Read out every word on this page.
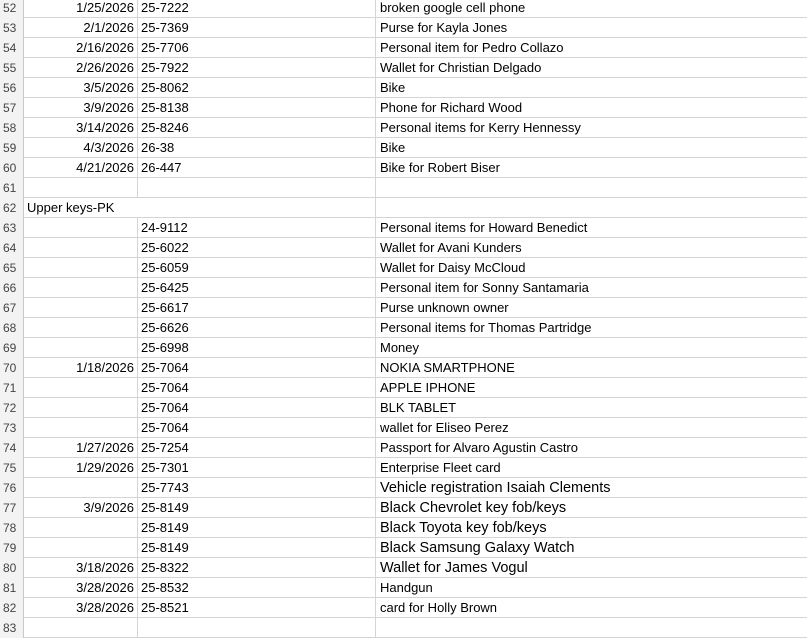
52	1/25/2026 25-7222	broken google cell phone
53	2/1/2026 25-7369	Purse for Kayla Jones
54	2/16/2026 25-7706	Personal item for Pedro Collazo
55	2/26/2026 25-7922	Wallet for Christian Delgado
56	3/5/2026 25-8062	Bike
57	3/9/2026 25-8138	Phone for Richard Wood
58	3/14/2026 25-8246	Personal items for Kerry Hennessy
59	4/3/2026 26-38	Bike
60	4/21/2026 26-447	Bike for Robert Biser
61
62 Upper keys-PK
63	24-9112	Personal items for Howard Benedict
64	25-6022	Wallet for Avani Kunders
65	25-6059	Wallet for Daisy McCloud
66	25-6425	Personal item for Sonny Santamaria
67	25-6617	Purse unknown owner
68	25-6626	Personal items for Thomas Partridge
69	25-6998	Money
70	1/18/2026 25-7064	NOKIA SMARTPHONE
71	25-7064	APPLE IPHONE
72	25-7064	BLK TABLET
73	25-7064	wallet for Eliseo Perez
74	1/27/2026 25-7254	Passport for Alvaro Agustin Castro
75	1/29/2026 25-7301	Enterprise Fleet card
76	25-7743	Vehicle registration Isaiah Clements
77	3/9/2026 25-8149	Black Chevrolet key fob/keys
78	25-8149	Black Toyota key fob/keys
79	25-8149	Black Samsung Galaxy Watch
80	3/18/2026 25-8322	Wallet for James Vogul
81	3/28/2026 25-8532	Handgun
82	3/28/2026 25-8521	card for Holly Brown
83
